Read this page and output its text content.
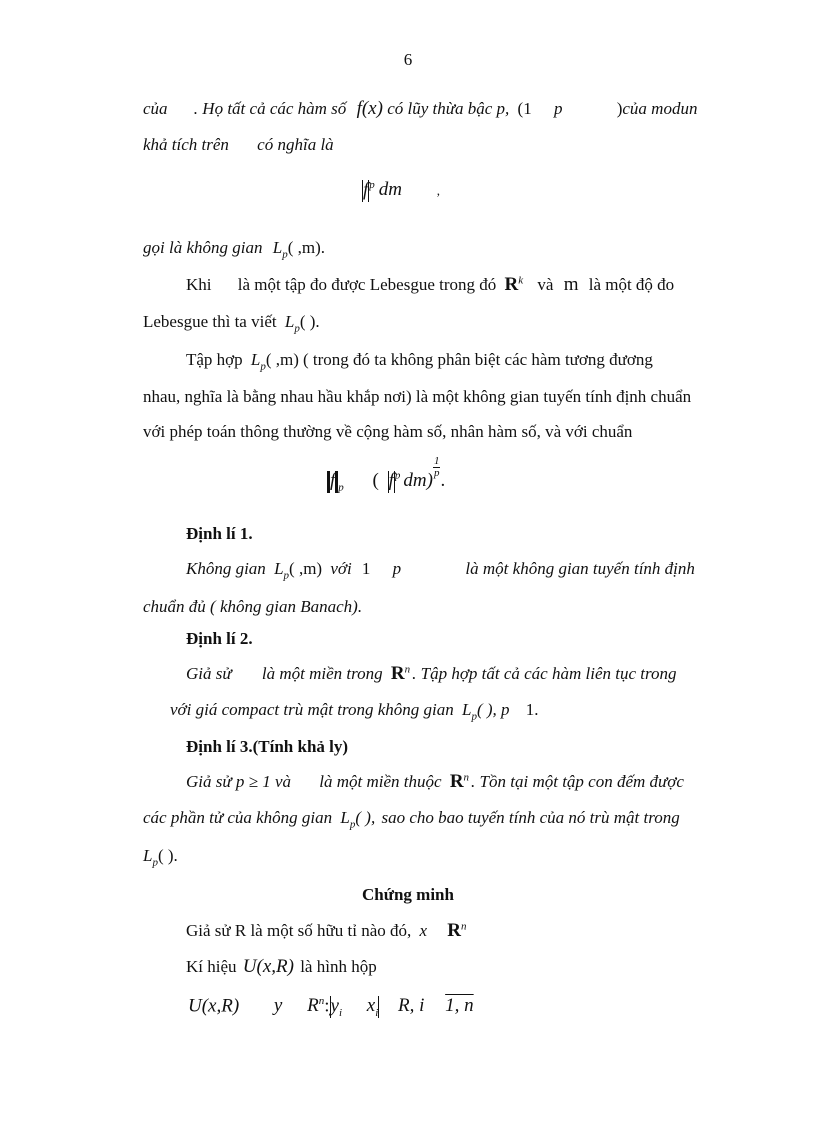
6
của . Họ tất cả các hàm số f(x) có lũy thừa bậc p, (1 p	)của modun
khả tích trên có nghĩa là
$f^p$ dm	,
gọi là không gian $L_p$( ,m).
Khi là một tập đo được Lebesgue trong đó $R^k$ và m là một độ đo
Lebesgue thì ta viết $L_p$( ).
Tập hợp $L_p$( ,m) ( trong đó ta không phân biệt các hàm tương đương
nhau, nghĩa là bằng nhau hầu khắp nơi) là một không gian tuyến tính định chuẩn
với phép toán thông thường về cộng hàm số, nhân hàm số, và với chuẩn
f $_p$ ( $f^p$ dm)
$\frac{1}{p}$
.
Định lí 1.
Không gian $L_p$( ,m) với 1 p	là một không gian tuyến tính định
chuẩn đủ ( không gian Banach).
Định lí 2.
Giả sử là một miền trong $R^n$ . Tập hợp tất cả các hàm liên tục trong
với giá compact trù mật trong không gian $L_p$( ), p 1.
Định lí 3.(Tính khả ly)
Giả sử p ≥ 1 và là một miền thuộc $R^n$ . Tồn tại một tập con đếm được
các phần tử của không gian $L_p$( ), sao cho bao tuyến tính của nó trù mật trong
$L_p$( ).
Chứng minh
Giả sử R là một số hữu tỉ nào đó, x $R^n$
Kí hiệu U(x,R) là hình hộp
U(x,R) y $R^n:y_i$ $x_i$ R, i 1, n
